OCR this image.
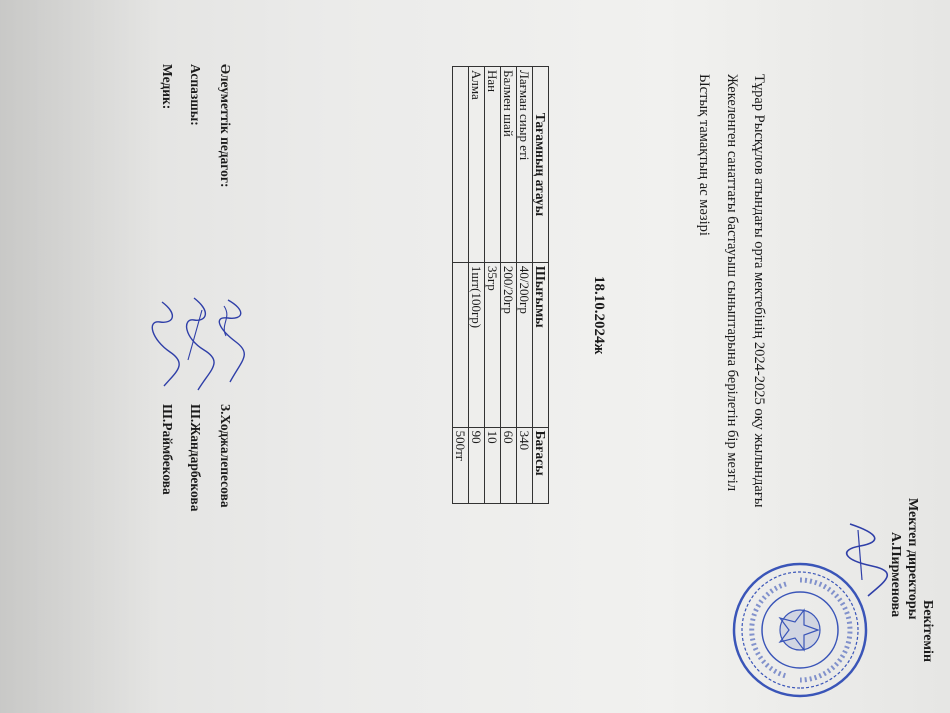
Бекітемін
Мектеп директоры
А.Пирменова
Тұрар Рысқұлов атындағы орта мектебінің 2024-2025 оқу жылындағы
Жекеленген санаттағы бастауыш сыныптарына берілетін бір мезгіл
Ыстық тамақтың ас мәзірі
18.10.2024ж
Тағамның атауы	Шығымы	Бағасы
Лағман сиыр еті	40/200гр	340
Балмен шай	200/20гр	60
Нан	35гр	10
Алма	1шт(100гр)	90
		500тг
Әлеуметтік педагог:
Аспазшы:
Медик:
З.Ходжалепесова
Ш.Жандарбекова
Ш.Раймбекова
